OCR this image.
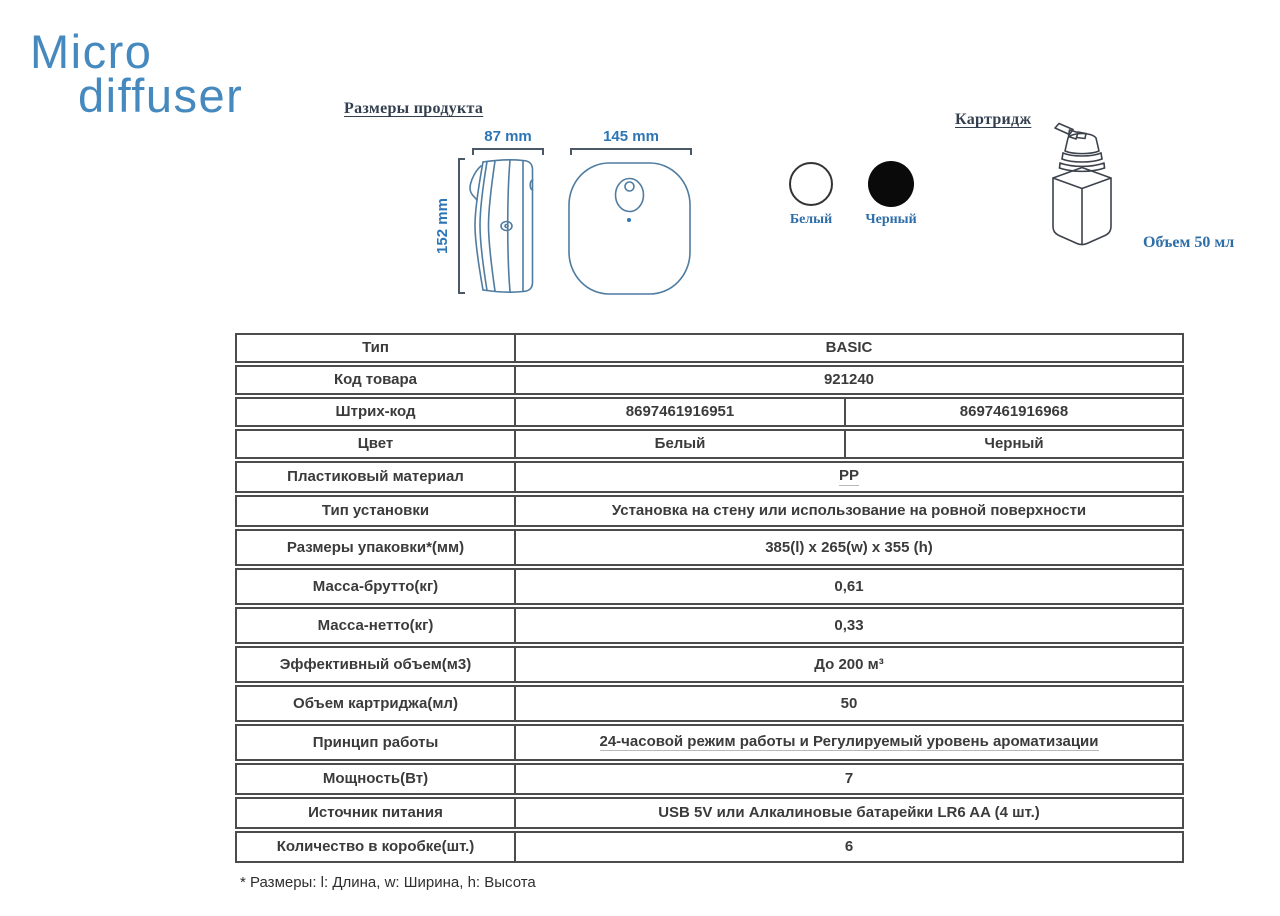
Micro
diffuser	Размеры продукта
87 mm
152 mm
145 mm
Белый	Черный
Картридж
Объем 50 мл
Тип	BASIC
Код товара	921240
Штрих-код	8697461916951	8697461916968
Цвет	Белый	Черный
Пластиковый материал	PP
Тип установки	Установка на стену или использование на ровной поверхности
Размеры упаковки*(мм)	385(l) x 265(w) x 355 (h)
Масса-брутто(кг)	0,61
Масса-нетто(кг)	0,33
Эффективный объем(м3)	До 200 м³
Объем картриджа(мл)	50
Принцип работы	24-часовой режим работы и Регулируемый уровень ароматизации
Мощность(Вт)	7
Источник питания	USB 5V или Алкалиновые батарейки LR6 AA (4 шт.)
Количество в коробке(шт.)	6
* Размеры: l: Длина, w: Ширина, h: Высота
